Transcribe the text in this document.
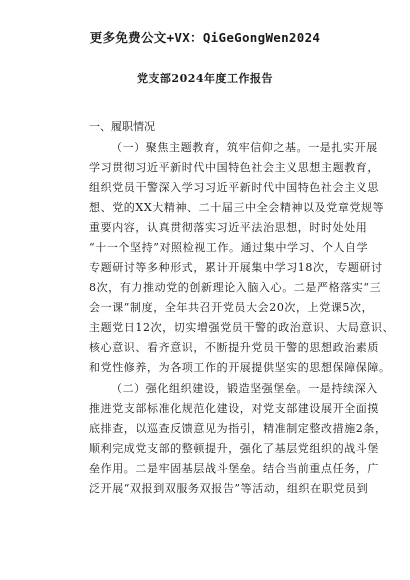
更多免费公文+VX：QiGeGongWen2024
党支部2024年度工作报告
一、履职情况
（一）聚焦主题教育，筑牢信仰之基。一是扎实开展
学习贯彻习近平新时代中国特色社会主义思想主题教育，
组织党员干警深入学习习近平新时代中国特色社会主义思
想、党的XX大精神、二十届三中全会精神以及党章党规等
重要内容，认真贯彻落实习近平法治思想，时时处处用
“十一个坚持”对照检视工作。通过集中学习、个人自学
专题研讨等多种形式，累计开展集中学习18次，专题研讨
8次，有力推动党的创新理论入脑入心。二是严格落实“三
会一课”制度，全年共召开党员大会20次，上党课5次，
主题党日12次，切实增强党员干警的政治意识、大局意识、
核心意识、看齐意识，不断提升党员干警的思想政治素质
和党性修养，为各项工作的开展提供坚实的思想保障保障。
（二）强化组织建设，锻造坚强堡垒。一是持续深入
推进党支部标准化规范化建设，对党支部建设展开全面摸
底排查，以巡查反馈意见为指引，精准制定整改措施2条，
顺利完成党支部的整顿提升，强化了基层党组织的战斗堡
垒作用。二是牢固基层战斗堡垒。结合当前重点任务，广
泛开展“双报到双服务双报告”等活动，组织在职党员到
